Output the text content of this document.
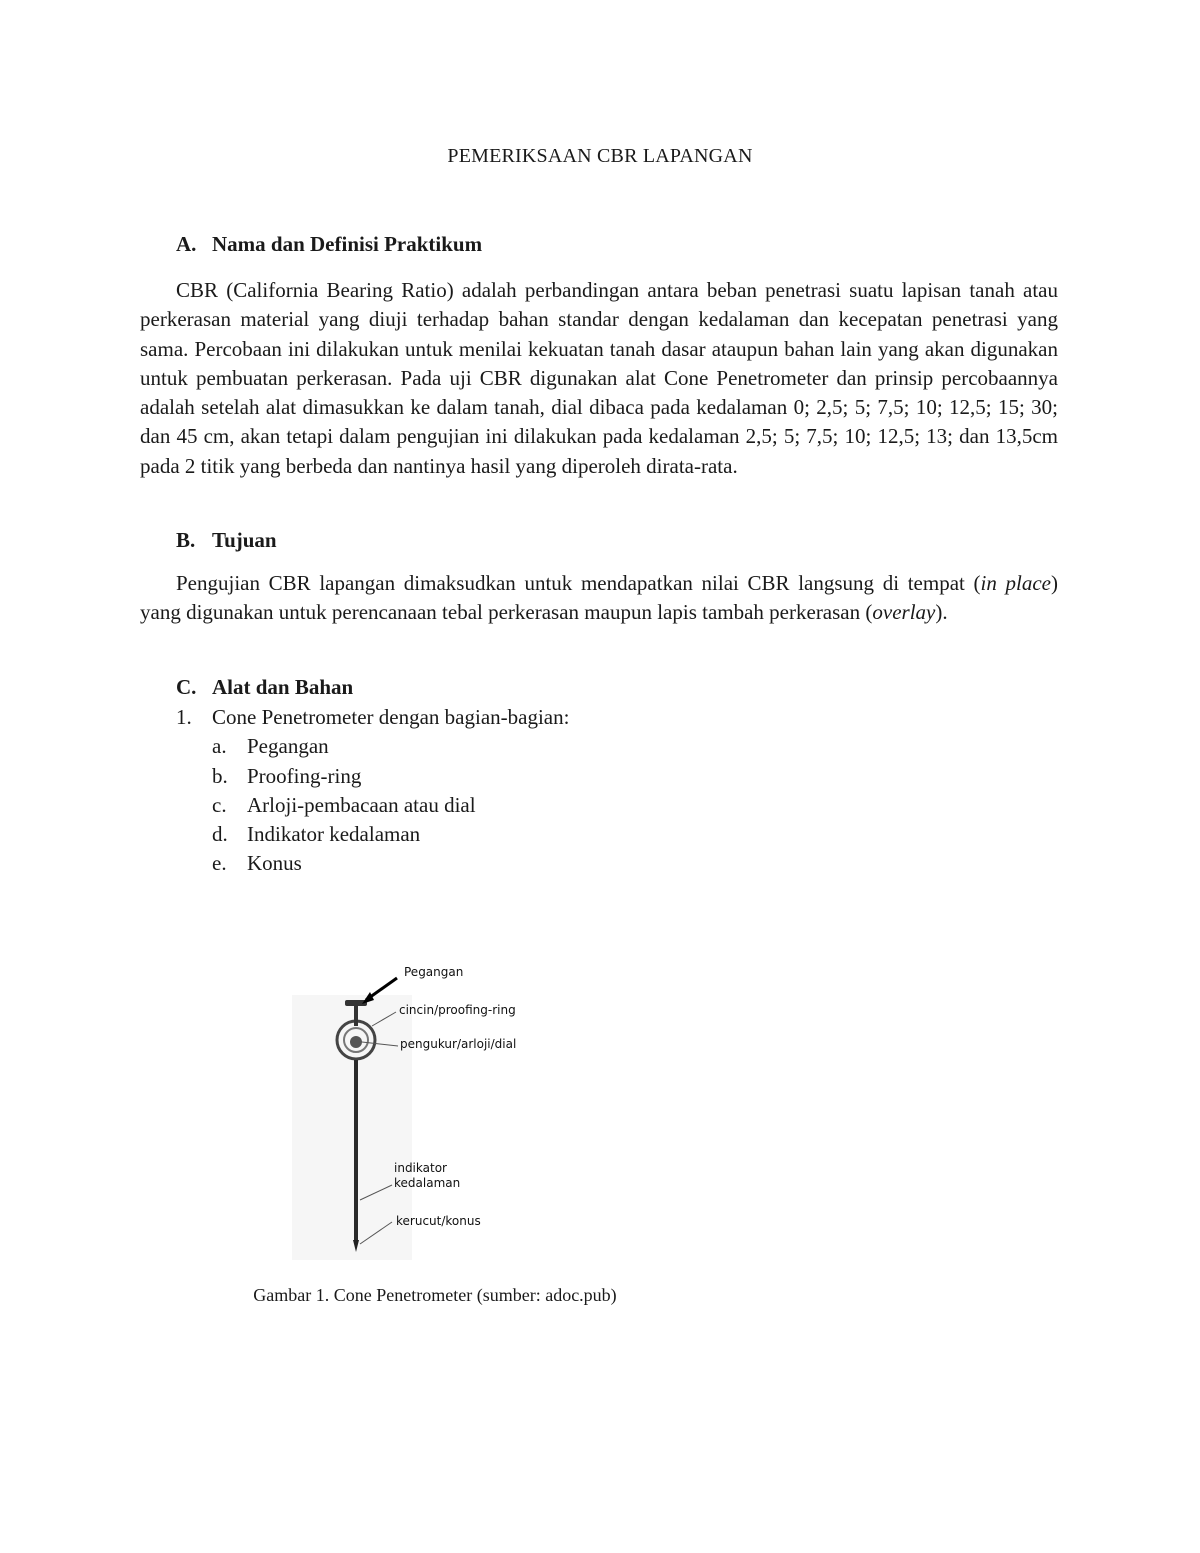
PEMERIKSAAN CBR LAPANGAN
A. Nama dan Definisi Praktikum

CBR (California Bearing Ratio) adalah perbandingan antara beban penetrasi suatu lapisan tanah atau perkerasan material yang diuji terhadap bahan standar dengan kedalaman dan kecepatan penetrasi yang sama. Percobaan ini dilakukan untuk menilai kekuatan tanah dasar ataupun bahan lain yang akan digunakan untuk pembuatan perkerasan. Pada uji CBR digunakan alat Cone Penetrometer dan prinsip percobaannya adalah setelah alat dimasukkan ke dalam tanah, dial dibaca pada kedalaman 0; 2,5; 5; 7,5; 10; 12,5; 15; 30; dan 45 cm, akan tetapi dalam pengujian ini dilakukan pada kedalaman 2,5; 5; 7,5; 10; 12,5; 13; dan 13,5cm pada 2 titik yang berbeda dan nantinya hasil yang diperoleh dirata-rata.

B. Tujuan

Pengujian CBR lapangan dimaksudkan untuk mendapatkan nilai CBR langsung di tempat (in place) yang digunakan untuk perencanaan tebal perkerasan maupun lapis tambah perkerasan (overlay).

C. Alat dan Bahan
1. Cone Penetrometer dengan bagian-bagian:
a. Pegangan
b. Proofing-ring
c. Arloji-pembacaan atau dial
d. Indikator kedalaman
e. Konus
Pegangan
cincin/proofing-ring
pengukur/arloji/dial
indikator
kedalaman
kerucut/konus
Gambar 1. Cone Penetrometer (sumber: adoc.pub)
